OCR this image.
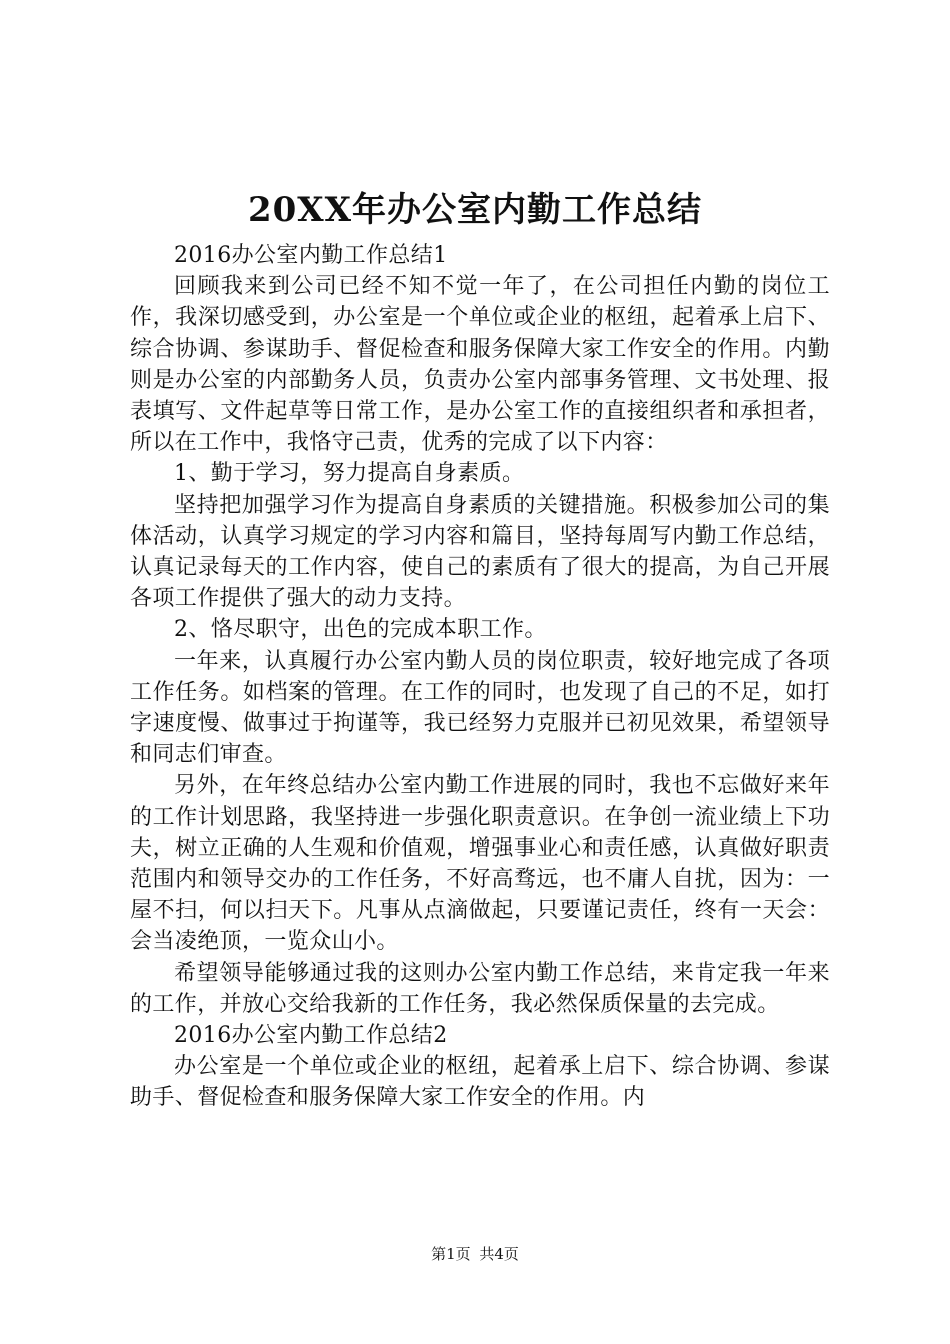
20XX年办公室内勤工作总结

2016办公室内勤工作总结1

回顾我来到公司已经不知不觉一年了，在公司担任内勤的岗位工作，我深切感受到，办公室是一个单位或企业的枢纽，起着承上启下、综合协调、参谋助手、督促检查和服务保障大家工作安全的作用。内勤则是办公室的内部勤务人员，负责办公室内部事务管理、文书处理、报表填写、文件起草等日常工作，是办公室工作的直接组织者和承担者，所以在工作中，我恪守己责，优秀的完成了以下内容：

1、勤于学习，努力提高自身素质。

坚持把加强学习作为提高自身素质的关键措施。积极参加公司的集体活动，认真学习规定的学习内容和篇目，坚持每周写内勤工作总结，认真记录每天的工作内容，使自己的素质有了很大的提高，为自己开展各项工作提供了强大的动力支持。

2、恪尽职守，出色的完成本职工作。

一年来，认真履行办公室内勤人员的岗位职责，较好地完成了各项工作任务。如档案的管理。在工作的同时，也发现了自己的不足，如打字速度慢、做事过于拘谨等，我已经努力克服并已初见效果，希望领导和同志们审查。

另外，在年终总结办公室内勤工作进展的同时，我也不忘做好来年的工作计划思路，我坚持进一步强化职责意识。在争创一流业绩上下功夫，树立正确的人生观和价值观，增强事业心和责任感，认真做好职责范围内和领导交办的工作任务，不好高骛远，也不庸人自扰，因为：一屋不扫，何以扫天下。凡事从点滴做起，只要谨记责任，终有一天会：会当凌绝顶，一览众山小。

希望领导能够通过我的这则办公室内勤工作总结，来肯定我一年来的工作，并放心交给我新的工作任务，我必然保质保量的去完成。

2016办公室内勤工作总结2

办公室是一个单位或企业的枢纽，起着承上启下、综合协调、参谋助手、督促检查和服务保障大家工作安全的作用。内

第1页 共4页
